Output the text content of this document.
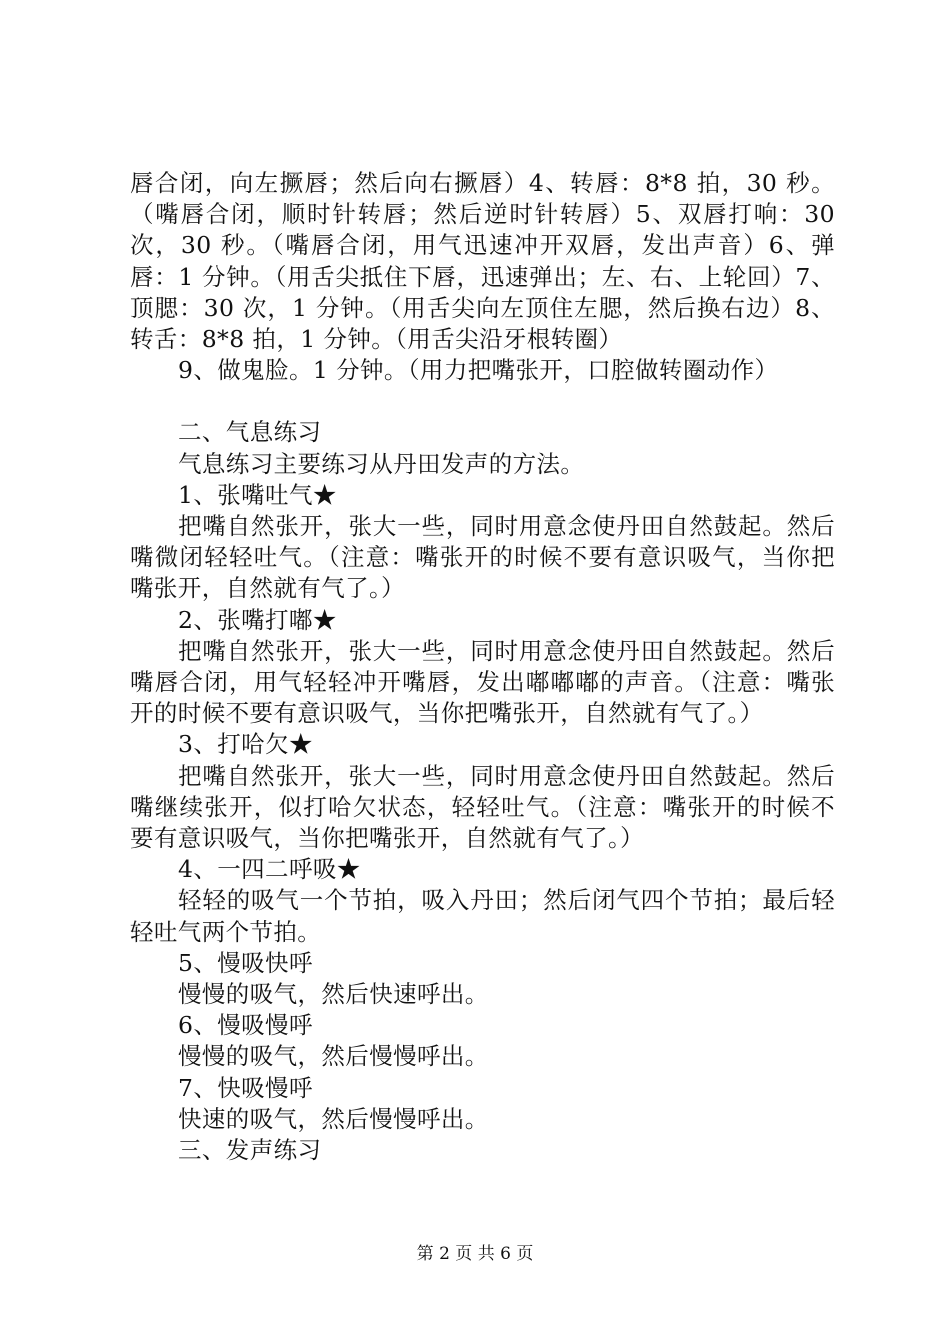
唇合闭，向左撅唇；然后向右撅唇）4、转唇：8*8 拍，30 秒。（嘴唇合闭，顺时针转唇；然后逆时针转唇）5、双唇打响：30 次，30 秒。（嘴唇合闭，用气迅速冲开双唇，发出声音）6、弹唇：1 分钟。（用舌尖抵住下唇，迅速弹出；左、右、上轮回）7、顶腮：30 次，1 分钟。（用舌尖向左顶住左腮，然后换右边）8、转舌：8*8 拍，1 分钟。（用舌尖沿牙根转圈）

9、做鬼脸。1 分钟。（用力把嘴张开，口腔做转圈动作）

二、气息练习

气息练习主要练习从丹田发声的方法。

1、张嘴吐气★

把嘴自然张开，张大一些，同时用意念使丹田自然鼓起。然后嘴微闭轻轻吐气。（注意：嘴张开的时候不要有意识吸气，当你把嘴张开，自然就有气了。）

2、张嘴打嘟★

把嘴自然张开，张大一些，同时用意念使丹田自然鼓起。然后嘴唇合闭，用气轻轻冲开嘴唇，发出嘟嘟嘟的声音。（注意：嘴张开的时候不要有意识吸气，当你把嘴张开，自然就有气了。）

3、打哈欠★

把嘴自然张开，张大一些，同时用意念使丹田自然鼓起。然后嘴继续张开，似打哈欠状态，轻轻吐气。（注意：嘴张开的时候不要有意识吸气，当你把嘴张开，自然就有气了。）

4、一四二呼吸★

轻轻的吸气一个节拍，吸入丹田；然后闭气四个节拍；最后轻轻吐气两个节拍。

5、慢吸快呼

慢慢的吸气，然后快速呼出。

6、慢吸慢呼

慢慢的吸气，然后慢慢呼出。

7、快吸慢呼

快速的吸气，然后慢慢呼出。

三、发声练习

第 2 页 共 6 页
